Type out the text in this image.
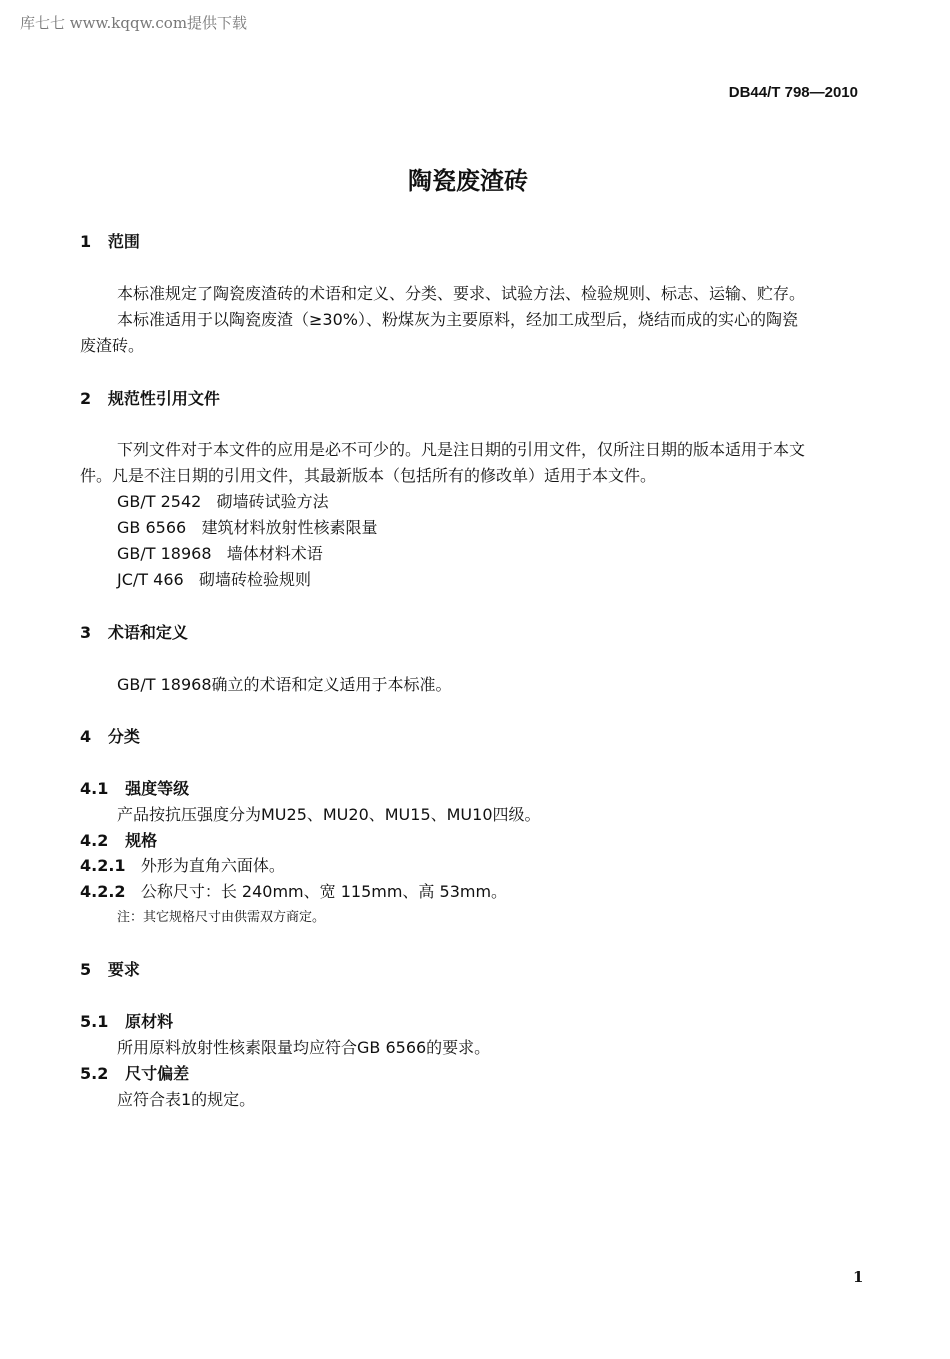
库七七 www.kqqw.com提供下载
DB44/T 798—2010
陶瓷废渣砖
1 范围
本标准规定了陶瓷废渣砖的术语和定义、分类、要求、试验方法、检验规则、标志、运输、贮存。
本标准适用于以陶瓷废渣（≥30%）、粉煤灰为主要原料，经加工成型后，烧结而成的实心的陶瓷
废渣砖。
2 规范性引用文件
下列文件对于本文件的应用是必不可少的。凡是注日期的引用文件，仅所注日期的版本适用于本文
件。凡是不注日期的引用文件，其最新版本（包括所有的修改单）适用于本文件。
GB/T 2542 砌墙砖试验方法
GB 6566 建筑材料放射性核素限量
GB/T 18968 墙体材料术语
JC/T 466 砌墙砖检验规则
3 术语和定义
GB/T 18968确立的术语和定义适用于本标准。
4 分类
4.1 强度等级
产品按抗压强度分为MU25、MU20、MU15、MU10四级。
4.2 规格
4.2.1 外形为直角六面体。
4.2.2 公称尺寸：长 240mm、宽 115mm、高 53mm。
注：其它规格尺寸由供需双方商定。
5 要求
5.1 原材料
所用原料放射性核素限量均应符合GB 6566的要求。
5.2 尺寸偏差
应符合表1的规定。
1
